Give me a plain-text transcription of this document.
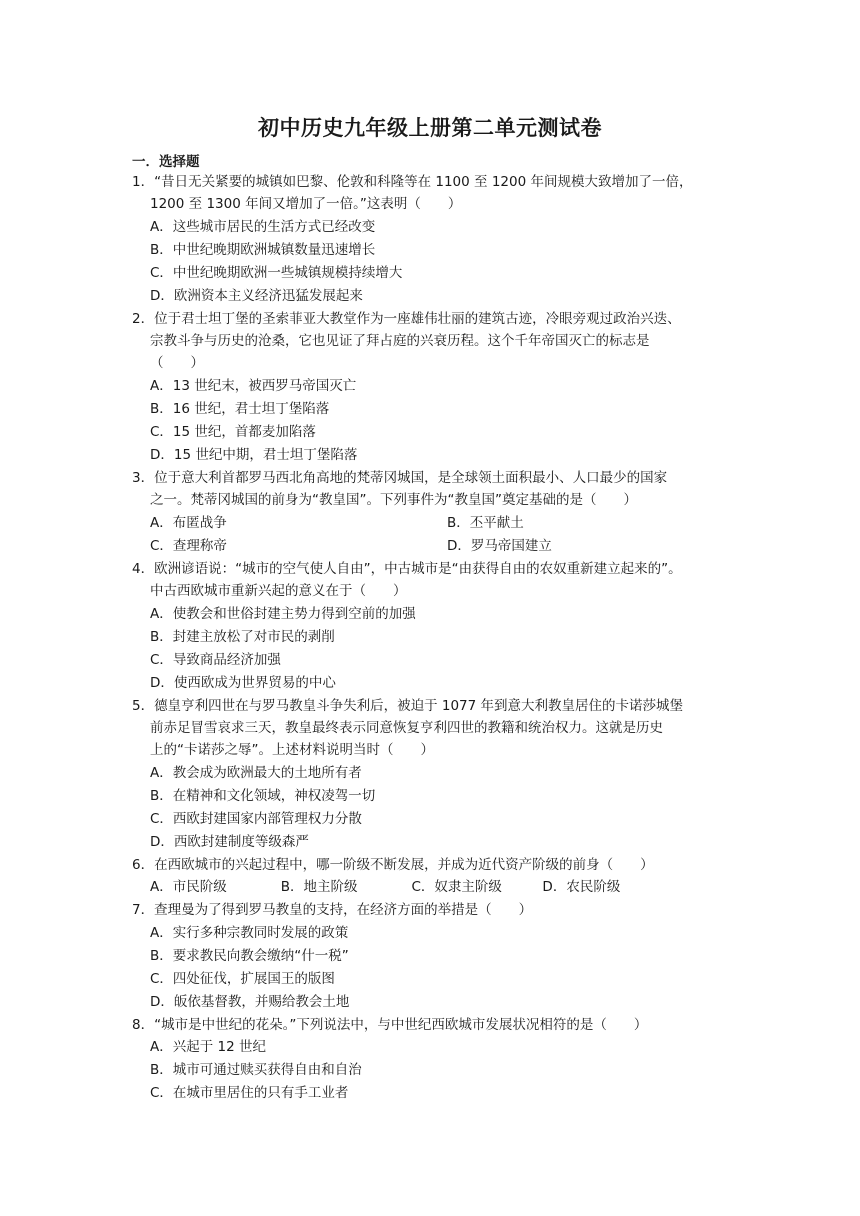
初中历史九年级上册第二单元测试卷
一．选择题
1．“昔日无关紧要的城镇如巴黎、伦敦和科隆等在 1100 至 1200 年间规模大致增加了一倍，
1200 至 1300 年间又增加了一倍。”这表明（　　）
A．这些城市居民的生活方式已经改变
B．中世纪晚期欧洲城镇数量迅速增长
C．中世纪晚期欧洲一些城镇规模持续增大
D．欧洲资本主义经济迅猛发展起来
2．位于君士坦丁堡的圣索菲亚大教堂作为一座雄伟壮丽的建筑古迹，冷眼旁观过政治兴迭、
宗教斗争与历史的沧桑，它也见证了拜占庭的兴衰历程。这个千年帝国灭亡的标志是
（　　）
A．13 世纪末，被西罗马帝国灭亡
B．16 世纪，君士坦丁堡陷落
C．15 世纪，首都麦加陷落
D．15 世纪中期，君士坦丁堡陷落
3．位于意大利首都罗马西北角高地的梵蒂冈城国，是全球领土面积最小、人口最少的国家
之一。梵蒂冈城国的前身为“教皇国”。下列事件为“教皇国”奠定基础的是（　　）
A．布匿战争	B．丕平献土
C．查理称帝	D．罗马帝国建立
4．欧洲谚语说：“城市的空气使人自由”，中古城市是“由获得自由的农奴重新建立起来的”。
中古西欧城市重新兴起的意义在于（　　）
A．使教会和世俗封建主势力得到空前的加强
B．封建主放松了对市民的剥削
C．导致商品经济加强
D．使西欧成为世界贸易的中心
5．德皇亨利四世在与罗马教皇斗争失利后，被迫于 1077 年到意大利教皇居住的卡诺莎城堡
前赤足冒雪哀求三天，教皇最终表示同意恢复亨利四世的教籍和统治权力。这就是历史
上的“卡诺莎之辱”。上述材料说明当时（　　）
A．教会成为欧洲最大的土地所有者
B．在精神和文化领域，神权凌驾一切
C．西欧封建国家内部管理权力分散
D．西欧封建制度等级森严
6．在西欧城市的兴起过程中，哪一阶级不断发展，并成为近代资产阶级的前身（　　）
A．市民阶级　　　　B．地主阶级　　　　C．奴隶主阶级　　　D．农民阶级
7．查理曼为了得到罗马教皇的支持，在经济方面的举措是（　　）
A．实行多种宗教同时发展的政策
B．要求教民向教会缴纳“什一税”
C．四处征伐，扩展国王的版图
D．皈依基督教，并赐给教会土地
8．“城市是中世纪的花朵。”下列说法中，与中世纪西欧城市发展状况相符的是（　　）
A．兴起于 12 世纪
B．城市可通过赎买获得自由和自治
C．在城市里居住的只有手工业者
